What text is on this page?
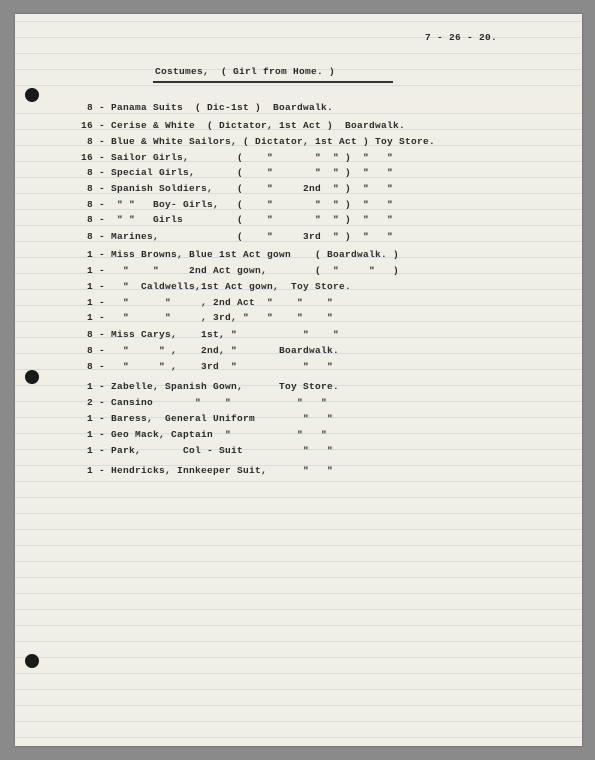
7 - 26 - 20.
Costumes,  ( Girl from Home. )
8 - Panama Suits  ( Dic-1st )  Boardwalk.
16 - Cerise & White  ( Dictator, 1st Act )  Boardwalk.
8 - Blue & White Sailors, ( Dictator, 1st Act ) Toy Store.
16 - Sailor Girls,        (    "       "  " )  "   "
8 - Special Girls,       (    "       "  " )  "   "
8 - Spanish Soldiers,    (    "     2nd  " )  "   "
8 -  " "   Boy- Girls,   (    "       "  " )  "   "
8 -  " "   Girls         (    "       "  " )  "   "
8 - Marines,             (    "     3rd  " )  "   "
1 - Miss Browns, Blue 1st Act gown    ( Boardwalk. )
1 -   "    "     2nd Act gown,        (  "     "   )
1 -   "  Caldwells,1st Act gown,  Toy Store.
1 -   "      "     , 2nd Act  "    "    "
1 -   "      "     , 3rd, "   "    "    "
8 - Miss Carys,    1st, "           "    "
8 -   "     " ,    2nd, "       Boardwalk.
8 -   "     " ,    3rd  "           "   "
1 - Zabelle, Spanish Gown,      Toy Store.
2 - Cansino       "    "           "   "
1 - Baress,  General Uniform        "   "
1 - Geo Mack, Captain  "           "   "
1 - Park,       Col - Suit          "   "
1 - Hendricks, Innkeeper Suit,      "   "
